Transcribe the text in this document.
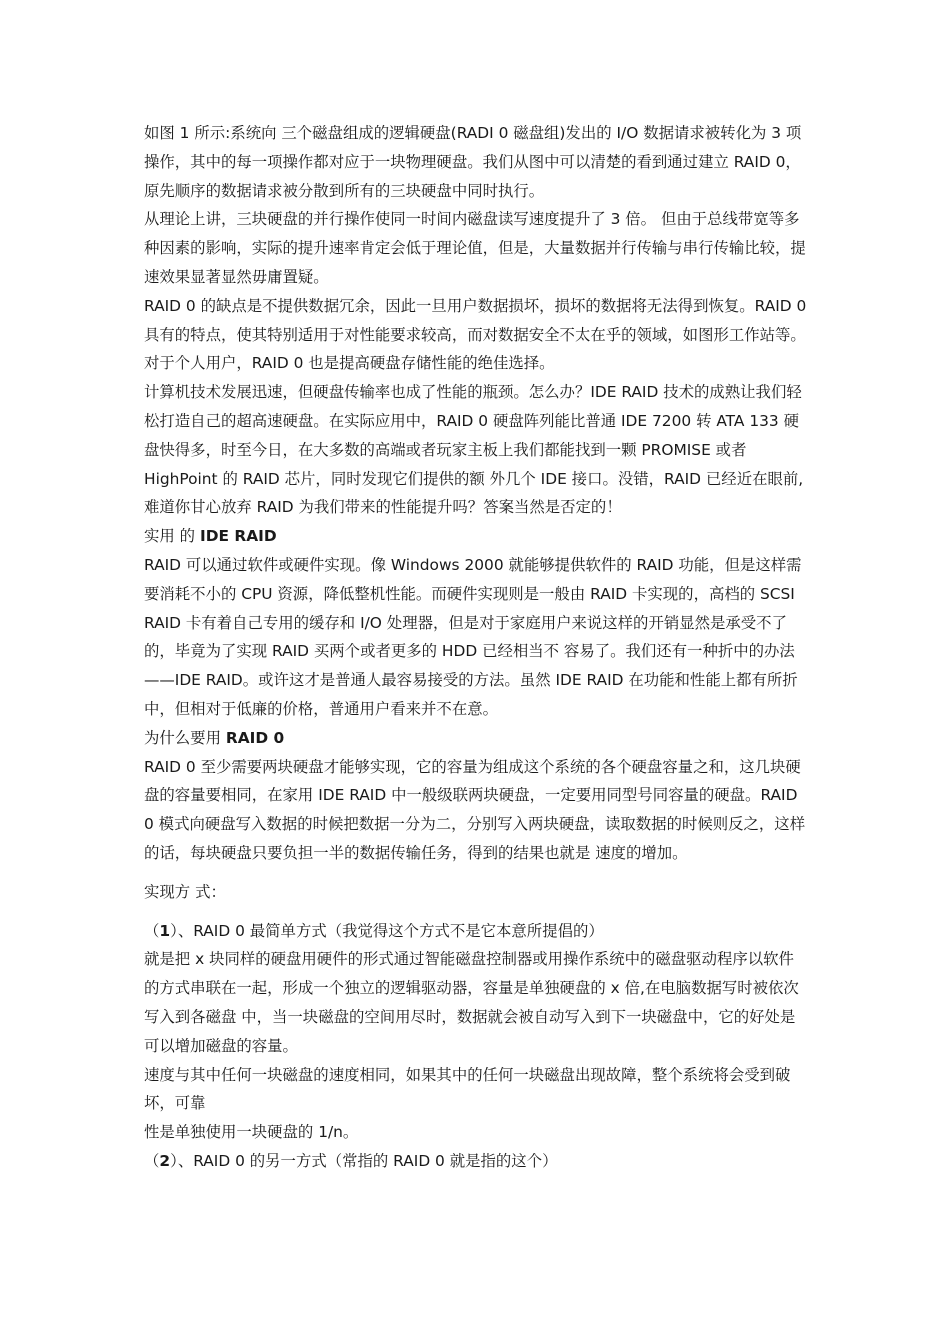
如图 1 所示:系统向 三个磁盘组成的逻辑硬盘(RADI 0 磁盘组)发出的 I/O 数据请求被转化为 3 项操作，其中的每一项操作都对应于一块物理硬盘。我们从图中可以清楚的看到通过建立 RAID 0，原先顺序的数据请求被分散到所有的三块硬盘中同时执行。

从理论上讲，三块硬盘的并行操作使同一时间内磁盘读写速度提升了 3 倍。 但由于总线带宽等多种因素的影响，实际的提升速率肯定会低于理论值，但是，大量数据并行传输与串行传输比较，提速效果显著显然毋庸置疑。

RAID 0 的缺点是不提供数据冗余，因此一旦用户数据损坏，损坏的数据将无法得到恢复。RAID 0 具有的特点，使其特别适用于对性能要求较高，而对数据安全不太在乎的领域，如图形工作站等。对于个人用户，RAID 0 也是提高硬盘存储性能的绝佳选择。

计算机技术发展迅速，但硬盘传输率也成了性能的瓶颈。怎么办？IDE RAID 技术的成熟让我们轻松打造自己的超高速硬盘。在实际应用中，RAID 0 硬盘阵列能比普通 IDE 7200 转 ATA 133 硬盘快得多，时至今日，在大多数的高端或者玩家主板上我们都能找到一颗 PROMISE 或者 HighPoint 的 RAID 芯片，同时发现它们提供的额 外几个 IDE 接口。没错，RAID 已经近在眼前,难道你甘心放弃 RAID 为我们带来的性能提升吗？答案当然是否定的！

实用 的 IDE RAID

RAID 可以通过软件或硬件实现。像 Windows 2000 就能够提供软件的 RAID 功能，但是这样需要消耗不小的 CPU 资源，降低整机性能。而硬件实现则是一般由 RAID 卡实现的，高档的 SCSI RAID 卡有着自己专用的缓存和 I/O 处理器，但是对于家庭用户来说这样的开销显然是承受不了的，毕竟为了实现 RAID 买两个或者更多的 HDD 已经相当不 容易了。我们还有一种折中的办法——IDE RAID。或许这才是普通人最容易接受的方法。虽然 IDE RAID 在功能和性能上都有所折中，但相对于低廉的价格，普通用户看来并不在意。

为什么要用 RAID 0

RAID 0 至少需要两块硬盘才能够实现，它的容量为组成这个系统的各个硬盘容量之和，这几块硬盘的容量要相同，在家用 IDE RAID 中一般级联两块硬盘，一定要用同型号同容量的硬盘。RAID 0 模式向硬盘写入数据的时候把数据一分为二，分别写入两块硬盘，读取数据的时候则反之，这样的话，每块硬盘只要负担一半的数据传输任务，得到的结果也就是 速度的增加。

实现方 式：

（1）、RAID 0 最简单方式（我觉得这个方式不是它本意所提倡的）

就是把 x 块同样的硬盘用硬件的形式通过智能磁盘控制器或用操作系统中的磁盘驱动程序以软件的方式串联在一起，形成一个独立的逻辑驱动器，容量是单独硬盘的 x 倍,在电脑数据写时被依次写入到各磁盘 中，当一块磁盘的空间用尽时，数据就会被自动写入到下一块磁盘中，它的好处是可以增加磁盘的容量。

速度与其中任何一块磁盘的速度相同，如果其中的任何一块磁盘出现故障，整个系统将会受到破坏，可靠

性是单独使用一块硬盘的 1/n。

（2）、RAID 0 的另一方式（常指的 RAID 0 就是指的这个）
